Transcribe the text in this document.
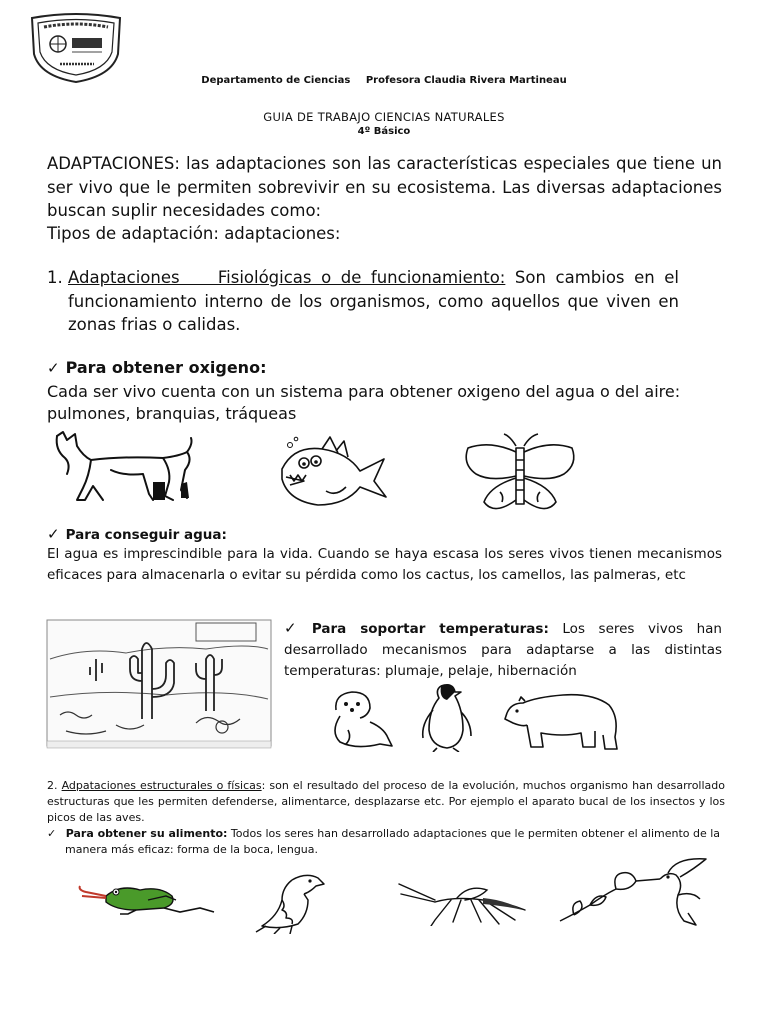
Departamento de Ciencias Profesora Claudia Rivera Martineau
GUIA DE TRABAJO CIENCIAS NATURALES
4º Básico
ADAPTACIONES: las adaptaciones son las características especiales que tiene un ser vivo que le permiten sobrevivir en su ecosistema. Las diversas adaptaciones buscan suplir necesidades como:
Tipos de adaptación: adaptaciones:
1. Adaptaciones    Fisiológicas o de funcionamiento: Son cambios en el funcionamiento interno de los organismos, como aquellos que viven en zonas frias o calidas.
✓ Para obtener oxigeno:
Cada ser vivo cuenta con un sistema para obtener oxigeno del agua o del aire: pulmones, branquias, tráqueas
✓ Para conseguir agua:
El agua es imprescindible para la vida. Cuando se haya escasa los seres vivos tienen mecanismos eficaces para almacenarla o evitar su pérdida como los cactus, los camellos, las palmeras, etc
✓ Para soportar temperaturas: Los seres vivos han desarrollado mecanismos para adaptarse a las distintas temperaturas: plumaje, pelaje, hibernación
2. Adpataciones estructurales o físicas: son el resultado del proceso de la evolución, muchos organismo han desarrollado estructuras que les permiten defenderse, alimentarce, desplazarse etc. Por ejemplo el aparato bucal de los insectos y los picos de las aves.
✓ Para obtener su alimento: Todos los seres han desarrollado adaptaciones que le permiten obtener el alimento de la manera más eficaz: forma de la boca, lengua.
